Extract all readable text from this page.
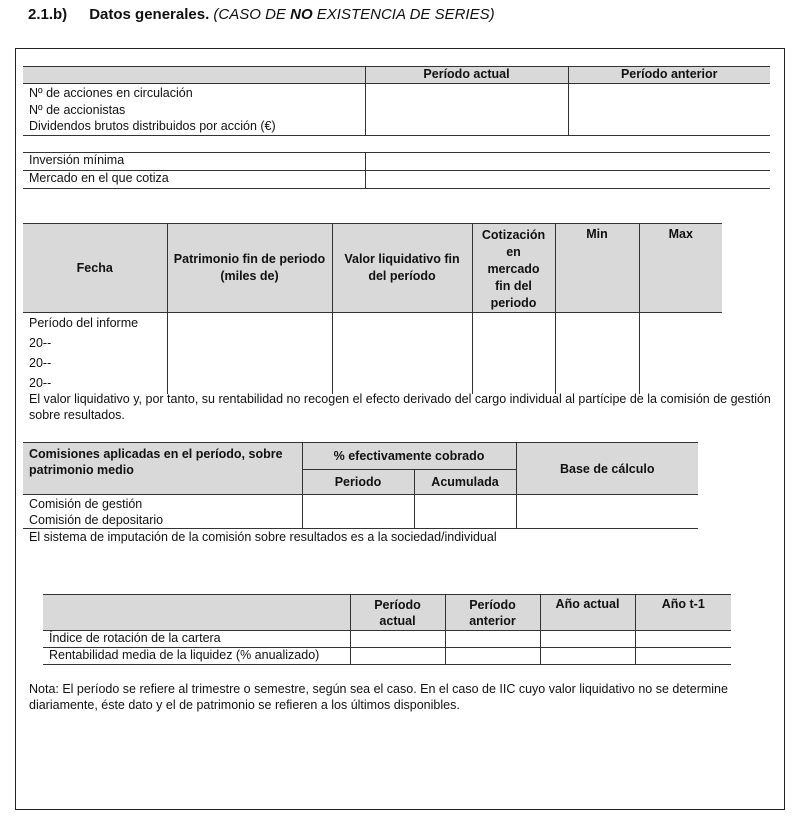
2.1.b) Datos generales. (CASO DE NO EXISTENCIA DE SERIES)
	Período actual	Período anterior

Nº de acciones en circulación
Nº de accionistas
Dividendos brutos distribuidos por acción (€)		

Inversión mínima	
Mercado en el que cotiza	
Fecha	Patrimonio fin de periodo (miles de)	Valor liquidativo fin del período	Cotización en mercado fin del periodo	Min	Max

Período del informe
20--
20--
20--					

El valor liquidativo y, por tanto, su rentabilidad no recogen el efecto derivado del cargo individual al partícipe de la comisión de gestión sobre resultados.
Comisiones aplicadas en el período, sobre patrimonio medio	% efectivamente cobrado		Base de cálculo
	Periodo	Acumulada	

Comisión de gestión
Comisión de depositario			

El sistema de imputación de la comisión sobre resultados es a la sociedad/individual
	Período actual	Período anterior	Año actual	Año t-1
Índice de rotación de la cartera				
Rentabilidad media de la liquidez (% anualizado)				
Nota: El período se refiere al trimestre o semestre, según sea el caso. En el caso de IIC cuyo valor liquidativo no se determine diariamente, éste dato y el de patrimonio se refieren a los últimos disponibles.
